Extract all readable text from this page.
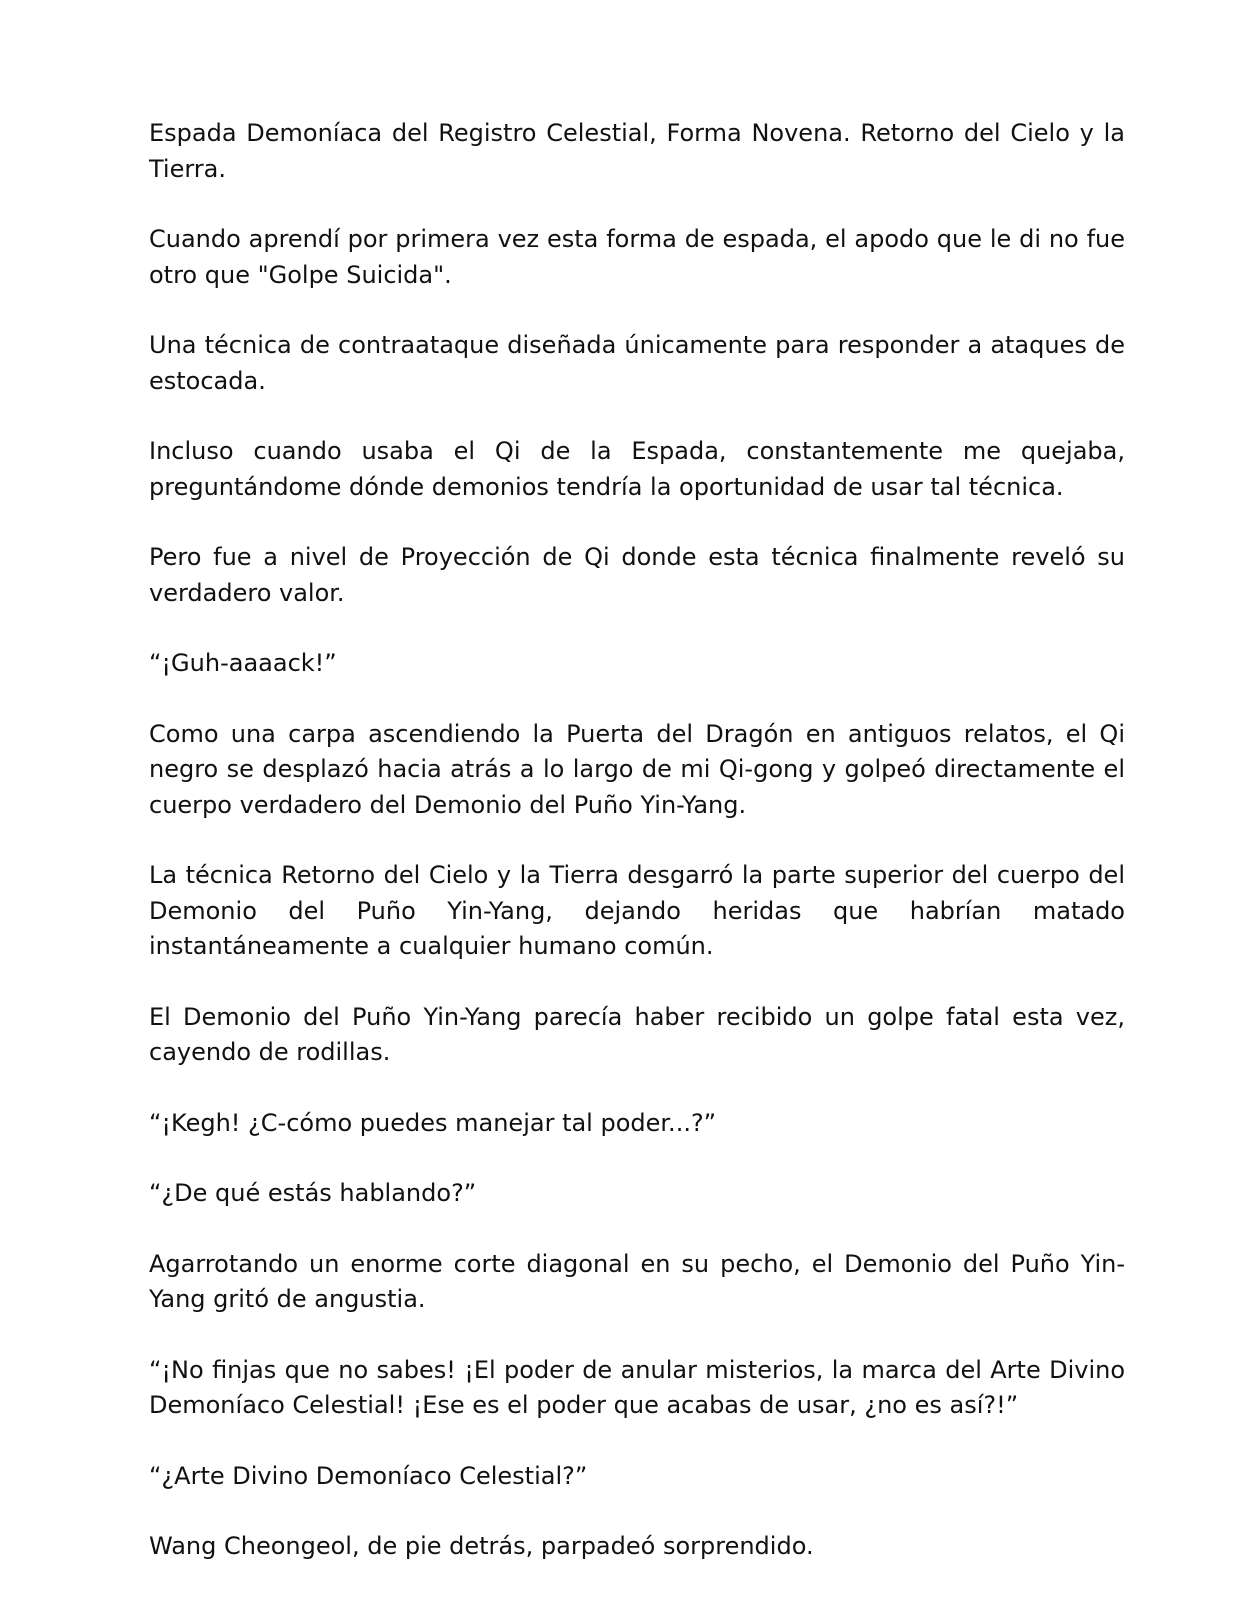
Espada Demoníaca del Registro Celestial, Forma Novena. Retorno del Cielo y la Tierra.

Cuando aprendí por primera vez esta forma de espada, el apodo que le di no fue otro que "Golpe Suicida".

Una técnica de contraataque diseñada únicamente para responder a ataques de estocada.

Incluso cuando usaba el Qi de la Espada, constantemente me quejaba, preguntándome dónde demonios tendría la oportunidad de usar tal técnica.

Pero fue a nivel de Proyección de Qi donde esta técnica finalmente reveló su verdadero valor.

“¡Guh-aaaack!”

Como una carpa ascendiendo la Puerta del Dragón en antiguos relatos, el Qi negro se desplazó hacia atrás a lo largo de mi Qi-gong y golpeó directamente el cuerpo verdadero del Demonio del Puño Yin-Yang.

La técnica Retorno del Cielo y la Tierra desgarró la parte superior del cuerpo del Demonio del Puño Yin-Yang, dejando heridas que habrían matado instantáneamente a cualquier humano común.

El Demonio del Puño Yin-Yang parecía haber recibido un golpe fatal esta vez, cayendo de rodillas.

“¡Kegh! ¿C-cómo puedes manejar tal poder...?”

“¿De qué estás hablando?”

Agarrotando un enorme corte diagonal en su pecho, el Demonio del Puño Yin-Yang gritó de angustia.

“¡No finjas que no sabes! ¡El poder de anular misterios, la marca del Arte Divino Demoníaco Celestial! ¡Ese es el poder que acabas de usar, ¿no es así?!”

“¿Arte Divino Demoníaco Celestial?”

Wang Cheongeol, de pie detrás, parpadeó sorprendido.
